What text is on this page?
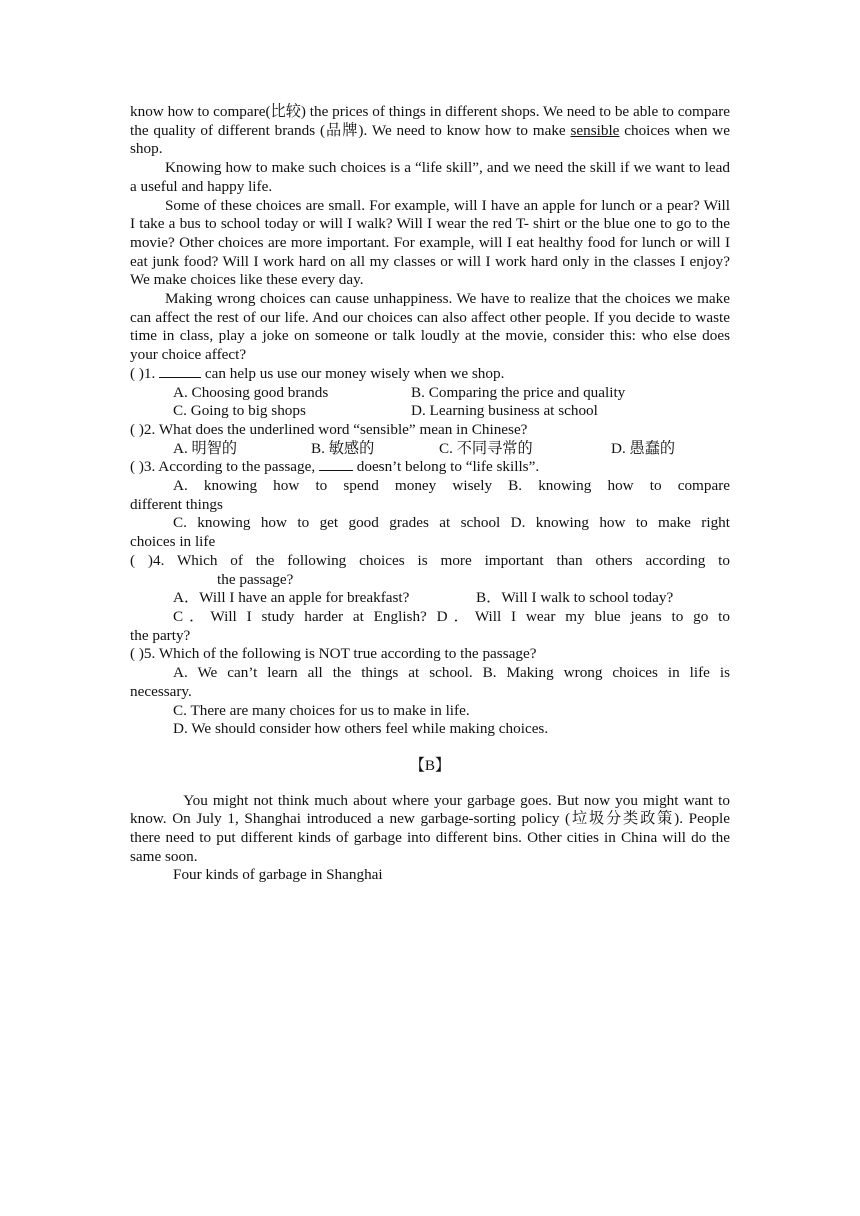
know how to compare(比较) the prices of things in different shops. We need to be able to compare the quality of different brands (品牌). We need to know how to make sensible choices when we shop.

Knowing how to make such choices is a “life skill”, and we need the skill if we want to lead a useful and happy life.

Some of these choices are small. For example, will I have an apple for lunch or a pear? Will I take a bus to school today or will I walk? Will I wear the red T- shirt or the blue one to go to the movie? Other choices are more important. For example, will I eat healthy food for lunch or will I eat junk food? Will I work hard on all my classes or will I work hard only in the classes I enjoy? We make choices like these every day.

Making wrong choices can cause unhappiness. We have to realize that the choices we make can affect the rest of our life. And our choices can also affect other people. If you decide to waste time in class, play a joke on someone or talk loudly at the movie, consider this: who else does your choice affect?

( )1.	can help us use our money wisely when we shop.

A. Choosing good brands	B. Comparing the price and quality
C. Going to big shops	D. Learning business at school

( )2. What does the underlined word “sensible” mean in Chinese?

A. 明智的	B. 敏感的	C. 不同寻常的	D. 愚蠢的

( )3. According to the passage,  doesn’t belong to “life skills”.

A. knowing how to spend money wisely B. knowing how to compare

different things

C. knowing how to get good grades at school D. knowing how to make right

choices in life

( )4. Which of the following choices is more important than others according to

the passage?

A．Will I have an apple for breakfast?	B．Will I walk to school today?

C．Will I study harder at English? D．Will I wear my blue jeans to go to

the party?

( )5. Which of the following is NOT true according to the passage?

A. We can’t learn all the things at school. B. Making wrong choices in life is

necessary.

C. There are many choices for us to make in life.

D. We should consider how others feel while making choices.

【B】

You might not think much about where your garbage goes. But now you might want to know. On July 1, Shanghai introduced a new garbage-sorting policy (垃圾分类政策). People there need to put different kinds of garbage into different bins. Other cities in China will do the same soon.

Four kinds of garbage in Shanghai
